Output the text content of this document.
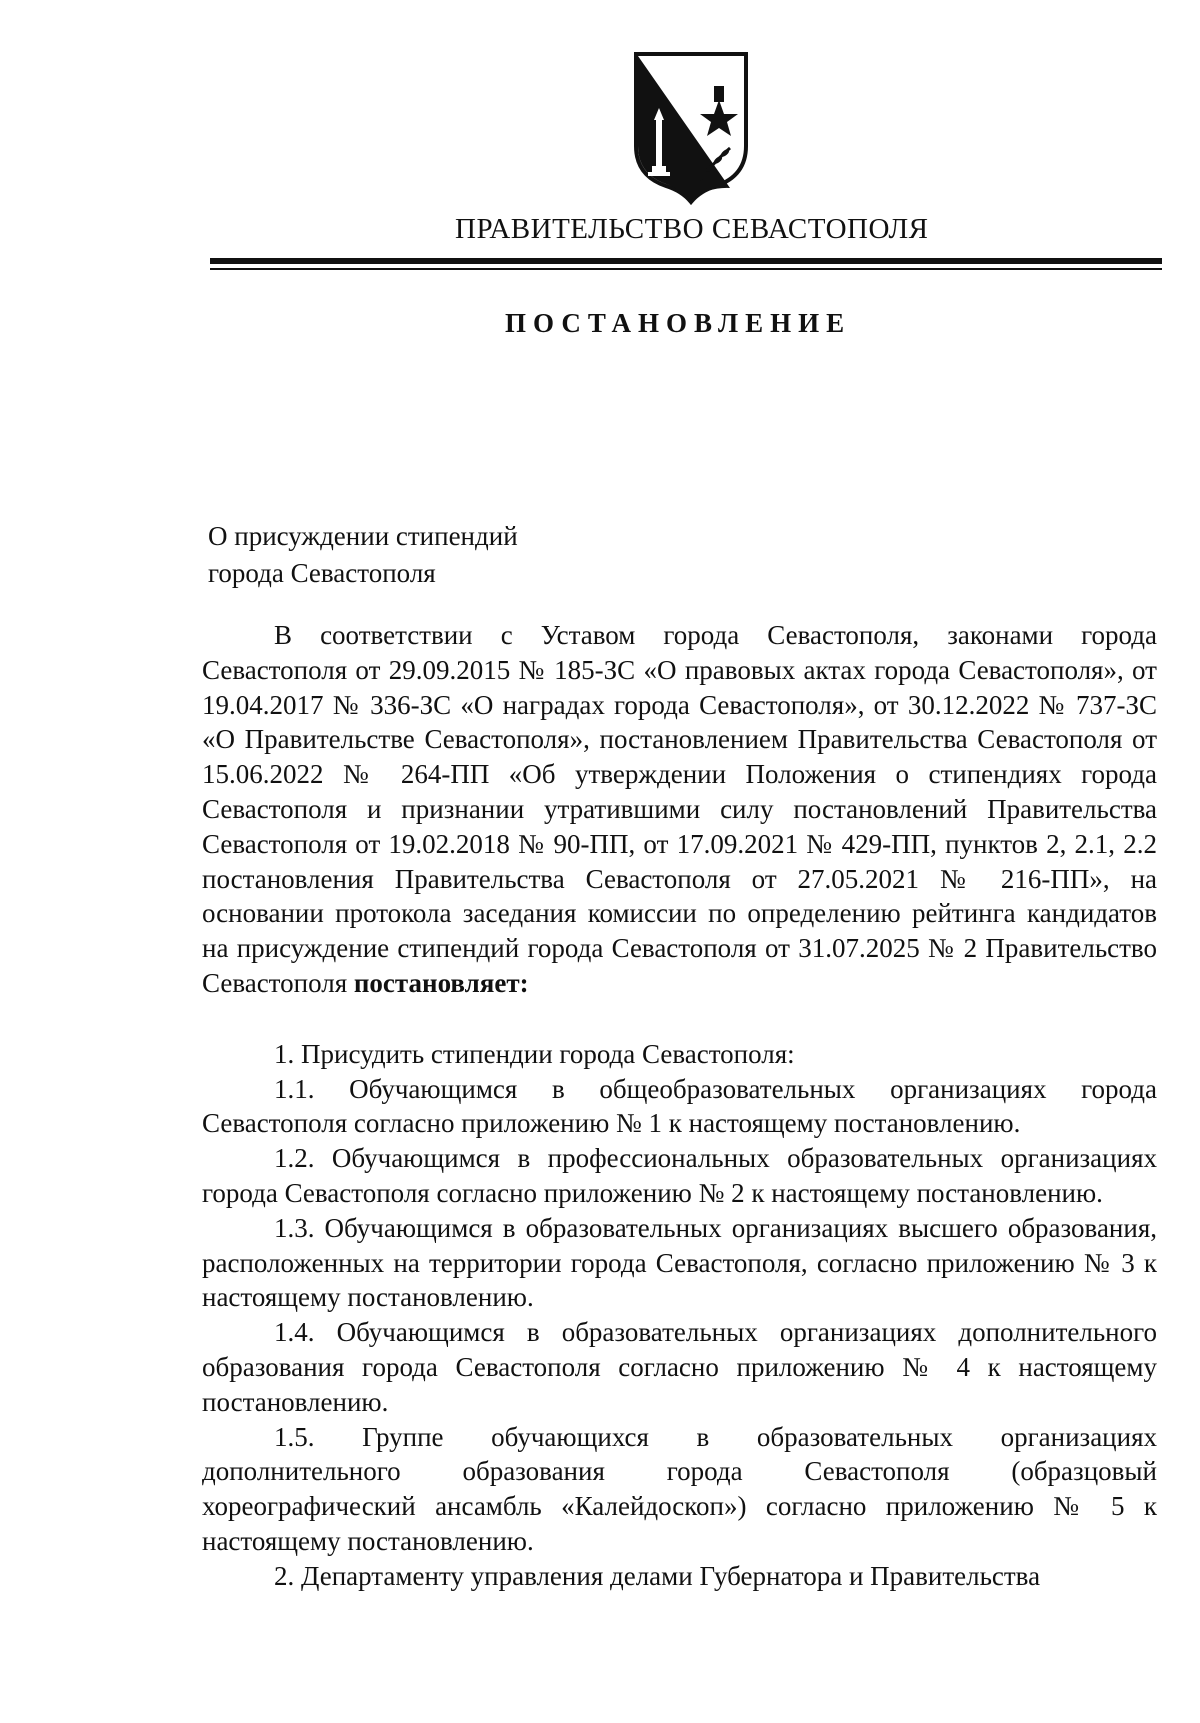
ПРАВИТЕЛЬСТВО СЕВАСТОПОЛЯ
ПОСТАНОВЛЕНИЕ
О присуждении стипендий
города Севастополя

В соответствии с Уставом города Севастополя, законами города Севастополя от 29.09.2015 № 185-ЗС «О правовых актах города Севастополя», от 19.04.2017 № 336-ЗС «О наградах города Севастополя», от 30.12.2022 № 737-ЗС «О Правительстве Севастополя», постановлением Правительства Севастополя от 15.06.2022 № 264-ПП «Об утверждении Положения о стипендиях города Севастополя и признании утратившими силу постановлений Правительства Севастополя от 19.02.2018 № 90-ПП, от 17.09.2021 № 429-ПП, пунктов 2, 2.1, 2.2 постановления Правительства Севастополя от 27.05.2021 № 216-ПП», на основании протокола заседания комиссии по определению рейтинга кандидатов на присуждение стипендий города Севастополя от 31.07.2025 № 2 Правительство Севастополя постановляет:

1. Присудить стипендии города Севастополя:

1.1. Обучающимся в общеобразовательных организациях города Севастополя согласно приложению № 1 к настоящему постановлению.

1.2. Обучающимся в профессиональных образовательных организациях города Севастополя согласно приложению № 2 к настоящему постановлению.

1.3. Обучающимся в образовательных организациях высшего образования, расположенных на территории города Севастополя, согласно приложению № 3 к настоящему постановлению.

1.4. Обучающимся в образовательных организациях дополнительного образования города Севастополя согласно приложению № 4 к настоящему постановлению.

1.5. Группе обучающихся в образовательных организациях дополнительного образования города Севастополя (образцовый хореографический ансамбль «Калейдоскоп») согласно приложению № 5 к настоящему постановлению.

2. Департаменту управления делами Губернатора и Правительства
